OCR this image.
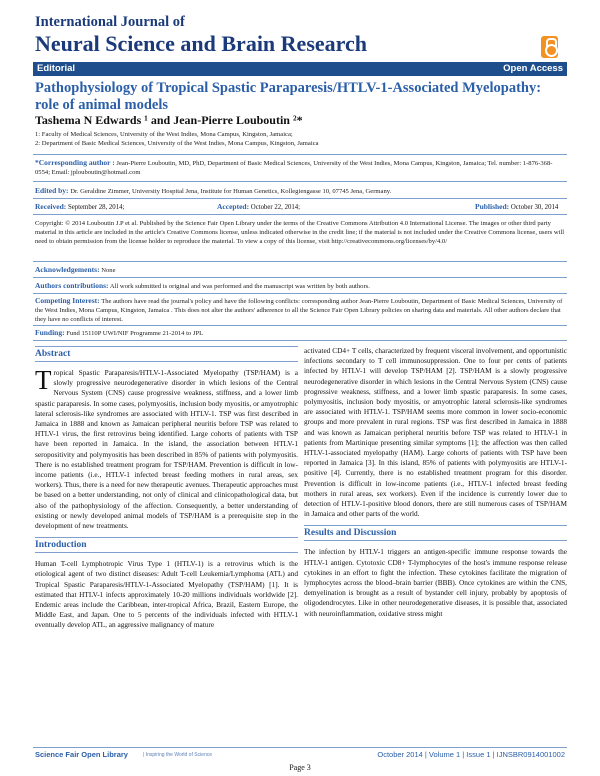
International Journal of
Neural Science and Brain Research
Editorial	Open Access
Pathophysiology of Tropical Spastic Paraparesis/HTLV-1-Associated Myelopathy: role of animal models
Tashema N Edwards ¹ and Jean-Pierre Louboutin ²*
1: Faculty of Medical Sciences, University of the West Indies, Mona Campus, Kingston, Jamaica;
2: Department of Basic Medical Sciences, University of the West Indies, Mona Campus, Kingston, Jamaica
*Corresponding author : Jean-Pierre Louboutin, MD, PhD, Department of Basic Medical Sciences, University of the West Indies, Mona Campus, Kingston, Jamaica; Tel. number: 1-876-368-0554; Email: jplouboutin@hotmail.com
Edited by: Dr. Geraldine Zimmer, University Hospital Jena, Institute for Human Genetics, Kollegiengasse 10, 07745 Jena, Germany.
Received: September 28, 2014;	Accepted: October 22, 2014;	Published: October 30, 2014
Copyright: © 2014 Louboutin J.P et al. Published by the Science Fair Open Library under the terms of the Creative Commons Attribution 4.0 International License. The images or other third party material in this article are included in the article's Creative Commons license, unless indicated otherwise in the credit line; if the material is not included under the Creative Commons license, users will need to obtain permission from the license holder to reproduce the material. To view a copy of this license, visit http://creativecommons.org/licenses/by/4.0/
Acknowledgements: None
Authors contributions: All work submitted is original and was performed and the manuscript was written by both authors.
Competing Interest: The authors have read the journal's policy and have the following conflicts: corresponding author Jean-Pierre Louboutin, Department of Basic Medical Sciences, University of the West Indies, Mona Campus, Kingston, Jamaica . This does not alter the authors' adherence to all the Science Fair Open Library policies on sharing data and materials. All other authors declare that they have no conflicts of interest.
Funding: Fund 15110P UWI/NIF Programme 21-2014 to JPL
Abstract

Tropical Spastic Paraparesis/HTLV-1-Associated Myelopathy (TSP/HAM) is a slowly progressive neurodegenerative disorder in which lesions of the Central Nervous System (CNS) cause progressive weakness, stiffness, and a lower limb spastic paraparesis. In some cases, polymyositis, inclusion body myositis, or amyotrophic lateral sclerosis-like syndromes are associated with HTLV-1. TSP was first described in Jamaica in 1888 and known as Jamaican peripheral neuritis before TSP was related to HTLV-1 virus, the first retrovirus being identified. Large cohorts of patients with TSP have been reported in Jamaica. In the island, the association between HTLV-1 seropositivity and polymyositis has been described in 85% of patients with polymyositis. There is no established treatment program for TSP/HAM. Prevention is difficult in low-income patients (i.e., HTLV-1 infected breast feeding mothers in rural areas, sex workers). Thus, there is a need for new therapeutic avenues. Therapeutic approaches must be based on a better understanding, not only of clinical and clinicopathological data, but also of the pathophysiology of the affection. Consequently, a better understanding of existing or newly developed animal models of TSP/HAM is a prerequisite step in the development of new treatments.

Introduction

Human T-cell Lymphotropic Virus Type 1 (HTLV-1) is a retrovirus which is the etiological agent of two distinct diseases: Adult T-cell Leukemia/Lymphoma (ATL) and Tropical Spastic Paraparesis/HTLV-1-Associated Myelopathy (TSP/HAM) [1]. It is estimated that HTLV-1 infects approximately 10-20 millions individuals worldwide [2]. Endemic areas include the Caribbean, inter-tropical Africa, Brazil, Eastern Europe, the Middle East, and Japan. One to 5 percents of the individuals infected with HTLV-1 eventually develop ATL, an aggressive malignancy of mature

activated CD4+ T cells, characterized by frequent visceral involvement, and opportunistic infections secondary to T cell immunosuppression. One to four per cents of patients infected by HTLV-1 will develop TSP/HAM [2]. TSP/HAM is a slowly progressive neurodegenerative disorder in which lesions in the Central Nervous System (CNS) cause progressive weakness, stiffness, and a lower limb spastic paraparesis. In some cases, polymyositis, inclusion body myositis, or amyotrophic lateral sclerosis-like syndromes are associated with HTLV-1. TSP/HAM seems more common in lower socio-economic groups and more prevalent in rural regions. TSP was first described in Jamaica in 1888 and was known as Jamaican peripheral neuritis before TSP was related to HTLV-1 in patients from Martinique presenting similar symptoms [1]; the affection was then called HTLV-1-associated myelopathy (HAM). Large cohorts of patients with TSP have been reported in Jamaica [3]. In this island, 85% of patients with polymyositis are HTLV-1-positive [4]. Currently, there is no established treatment program for this disorder. Prevention is difficult in low-income patients (i.e., HTLV-1 infected breast feeding mothers in rural areas, sex workers). Even if the incidence is currently lower due to detection of HTLV-1-positive blood donors, there are still numerous cases of TSP/HAM in Jamaica and other parts of the world.

Results and Discussion

The infection by HTLV-1 triggers an antigen-specific immune response towards the HTLV-1 antigen. Cytotoxic CD8+ T-lymphocytes of the host's immune response release cytokines in an effort to fight the infection. These cytokines facilitate the migration of lymphocytes across the blood–brain barrier (BBB). Once cytokines are within the CNS, demyelination is brought as a result of bystander cell injury, probably by apoptosis of oligodendrocytes. Like in other neurodegenerative diseases, it is possible that, associated with neuroinflammation, oxidative stress might

Science Fair Open Library	| Inspiring the World of Science	October 2014 | Volume 1 | Issue 1 | IJNSBR0914001002
Page 3
